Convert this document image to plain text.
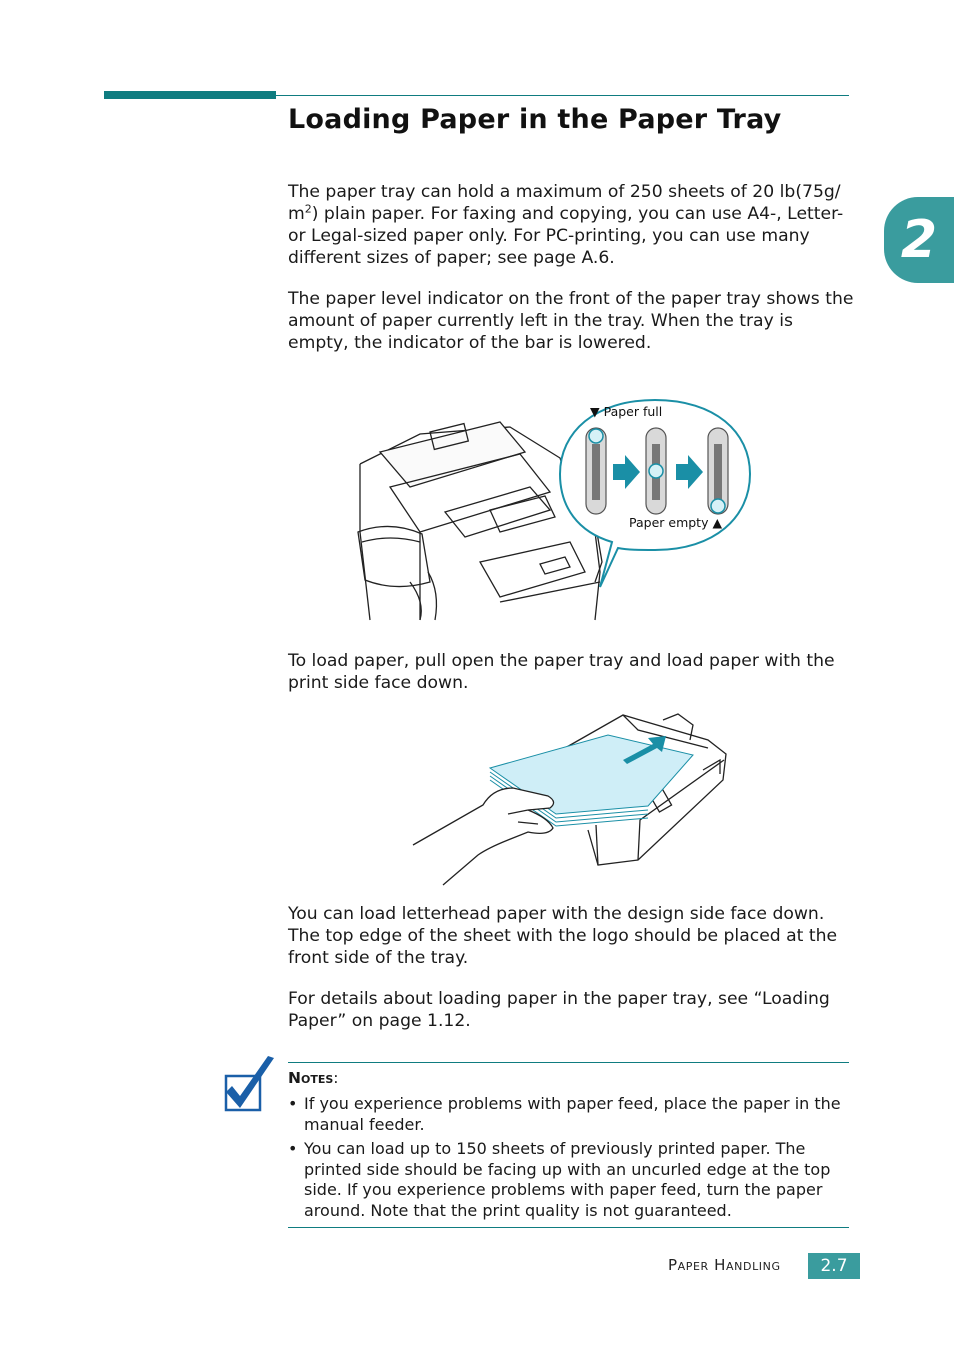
Loading Paper in the Paper Tray
2

The paper tray can hold a maximum of 250 sheets of 20 lb(75g/ $m^2$) plain paper. For faxing and copying, you can use A4-, Letter- or Legal-sized paper only. For PC-printing, you can use many different sizes of paper; see page A.6.

The paper level indicator on the front of the paper tray shows the amount of paper currently left in the tray. When the tray is empty, the indicator of the bar is lowered.

▼ Paper full
Paper empty ▲

To load paper, pull open the paper tray and load paper with the print side face down.

You can load letterhead paper with the design side face down. The top edge of the sheet with the logo should be placed at the front side of the tray.

For details about loading paper in the paper tray, see “Loading Paper” on page 1.12.

Notes:
• If you experience problems with paper feed, place the paper in the manual feeder.
• You can load up to 150 sheets of previously printed paper. The printed side should be facing up with an uncurled edge at the top side. If you experience problems with paper feed, turn the paper around. Note that the print quality is not guaranteed.
Paper Handling	2.7
